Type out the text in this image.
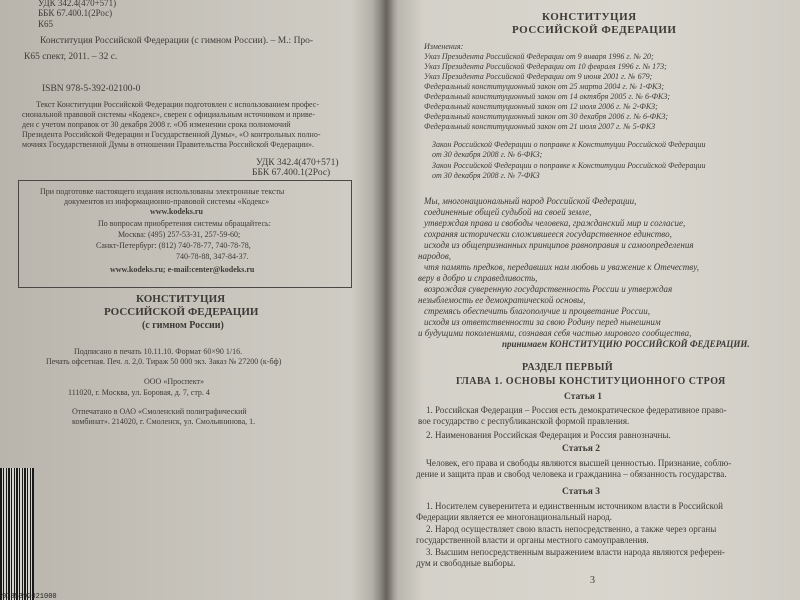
УДК 342.4(470+571)
ББК 67.400.1(2Рос)
К65
Конституция Российской Федерации (с гимном России). – М.: Про-
К65 спект, 2011. – 32 с.
ISBN 978-5-392-02100-0
Текст Конституции Российской Федерации подготовлен с использованием профес-
сиональной правовой системы «Кодекс», сверен с официальным источником и приве-
ден с учетом поправок от 30 декабря 2008 г. «Об изменении срока полномочий
Президента Российской Федерации и Государственной Думы», «О контрольных полно-
мочиях Государственной Думы в отношении Правительства Российской Федерации».
УДК 342.4(470+571)
ББК 67.400.1(2Рос)
При подготовке настоящего издания использованы электронные тексты
документов из информационно-правовой системы «Кодекс»
www.kodeks.ru
По вопросам приобретения системы обращайтесь:
Москва: (495) 257-53-31, 257-59-60;
Санкт-Петербург: (812) 740-78-77, 740-78-78,
740-78-88, 347-84-37.
www.kodeks.ru; e-mail:center@kodeks.ru
КОНСТИТУЦИЯ
РОССИЙСКОЙ ФЕДЕРАЦИИ
(с гимном России)
Подписано в печать 10.11.10. Формат 60×90 1/16.
Печать офсетная. Печ. л. 2,0. Тираж 50 000 экз. Заказ № 27200 (к-бф)
ООО «Проспект»
111020, г. Москва, ул. Боровая, д. 7, стр. 4
Отпечатано в ОАО «Смоленский полиграфический
комбинат». 214020, г. Смоленск, ул. Смольянинова, 1.
9785392021000
КОНСТИТУЦИЯ
РОССИЙСКОЙ ФЕДЕРАЦИИ
Изменения:
Указ Президента Российской Федерации от 9 января 1996 г. № 20;
Указ Президента Российской Федерации от 10 февраля 1996 г. № 173;
Указ Президента Российской Федерации от 9 июня 2001 г. № 679;
Федеральный конституционный закон от 25 марта 2004 г. № 1-ФКЗ;
Федеральный конституционный закон от 14 октября 2005 г. № 6-ФКЗ;
Федеральный конституционный закон от 12 июля 2006 г. № 2-ФКЗ;
Федеральный конституционный закон от 30 декабря 2006 г. № 6-ФКЗ;
Федеральный конституционный закон от 21 июля 2007 г. № 5-ФКЗ
Закон Российской Федерации о поправке к Конституции Российской Федерации
от 30 декабря 2008 г. № 6-ФКЗ;
Закон Российской Федерации о поправке к Конституции Российской Федерации
от 30 декабря 2008 г. № 7-ФКЗ
Мы, многонациональный народ Российской Федерации,
соединенные общей судьбой на своей земле,
утверждая права и свободы человека, гражданский мир и согласие,
сохраняя исторически сложившееся государственное единство,
исходя из общепризнанных принципов равноправия и самоопределения
народов,
чтя память предков, передавших нам любовь и уважение к Отечеству,
веру в добро и справедливость,
возрождая суверенную государственность России и утверждая
незыблемость ее демократической основы,
стремясь обеспечить благополучие и процветание России,
исходя из ответственности за свою Родину перед нынешним
и будущими поколениями, сознавая себя частью мирового сообщества,
принимаем КОНСТИТУЦИЮ РОССИЙСКОЙ ФЕДЕРАЦИИ.
РАЗДЕЛ ПЕРВЫЙ
ГЛАВА 1. ОСНОВЫ КОНСТИТУЦИОННОГО СТРОЯ
Статья 1
1. Российская Федерация – Россия есть демократическое федеративное право-
вое государство с республиканской формой правления.
2. Наименования Российская Федерация и Россия равнозначны.
Статья 2
Человек, его права и свободы являются высшей ценностью. Признание, соблю-
дение и защита прав и свобод человека и гражданина – обязанность государства.
Статья 3
1. Носителем суверенитета и единственным источником власти в Российской
Федерации является ее многонациональный народ.
2. Народ осуществляет свою власть непосредственно, а также через органы
государственной власти и органы местного самоуправления.
3. Высшим непосредственным выражением власти народа являются референ-
дум и свободные выборы.
3
